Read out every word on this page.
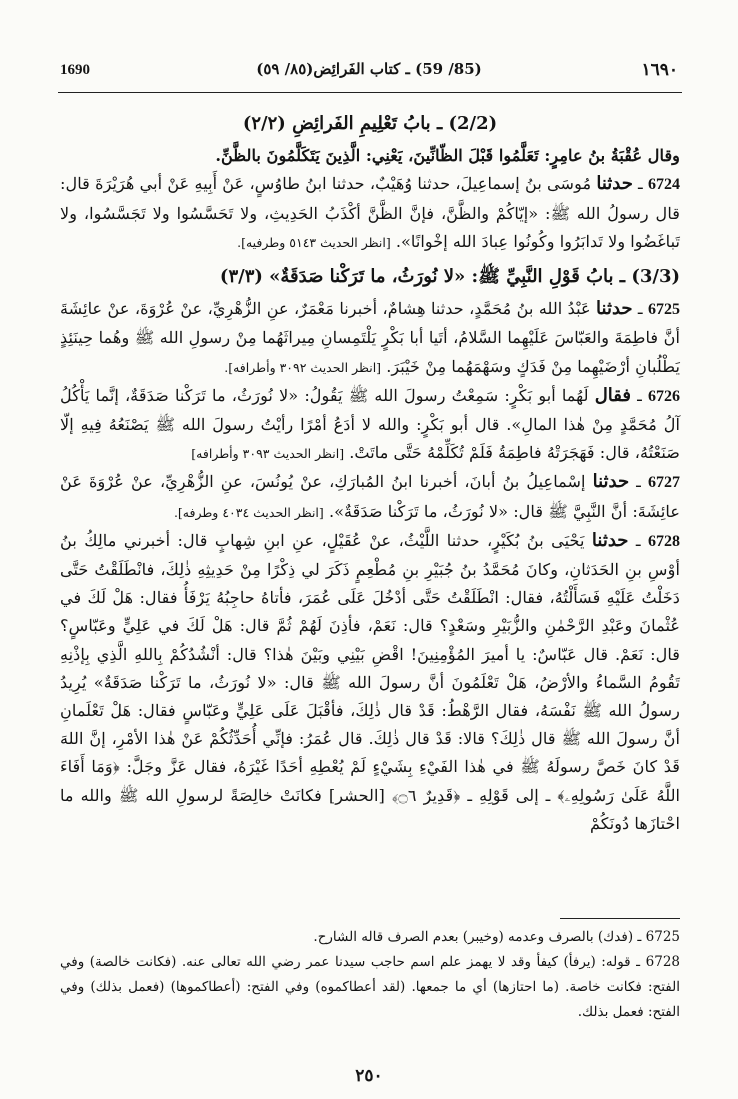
1690	(85/ 59) ـ كتاب الفَرائِض(٨٥/ ٥٩)	١٦٩٠
(2/2) ـ بابُ تَعْلِيمِ الفَرائِضِ (٢/٢)

وقال عُقْبَةُ بنُ عامِرٍ: تَعَلَّمُوا قَبْلَ الظّانِّينَ، يَعْنِي: الَّذِينَ يَتَكَلَّمُونَ بالظَّنِّ.

6724 ـ حدثنا مُوسَى بنُ إسماعِيلَ، حدثنا وُهَيْبٌ، حدثنا ابنُ طاوُسٍ، عَنْ أَبِيهِ عَنْ أبي هُرَيْرَةَ قال: قال رسولُ الله ﷺ: «إيّاكُمْ والظَّنَّ، فإنَّ الظَّنَّ أكْذَبُ الحَدِيثِ، ولا تَحَسَّسُوا ولا تَجَسَّسُوا، ولا تَباغَضُوا ولا تَدابَرُوا وكُونُوا عِبادَ الله إخْوانًا». [انظر الحديث ٥١٤٣ وطرفيه].

(3/3) ـ بابُ قَوْلِ النَّبِيِّ ﷺ: «لا نُورَثُ، ما تَرَكْنا صَدَقَةٌ» (٣/٣)

6725 ـ حدثنا عَبْدُ الله بنُ مُحَمَّدٍ، حدثنا هِشامٌ، أخبرنا مَعْمَرٌ، عنِ الزُّهْرِيِّ، عنْ عُرْوَةَ، عنْ عائِشَةَ أنَّ فاطِمَةَ والعَبّاسَ عَلَيْهِما السَّلامُ، أتَيا أبا بَكْرٍ يَلْتَمِسانِ مِيراثَهُما مِنْ رسولِ الله ﷺ وهُما حِينَئِذٍ يَطْلُبانِ أرْضَيْهِما مِنْ فَدَكٍ وسَهْمَهُما مِنْ خَيْبَرَ. [انظر الحديث ٣٠٩٢ وأطرافه].

6726 ـ فقال لَهُما أبو بَكْرٍ: سَمِعْتُ رسولَ الله ﷺ يَقُولُ: «لا نُورَثُ، ما تَرَكْنا صَدَقَةٌ، إنَّما يَأْكُلُ آلُ مُحَمَّدٍ مِنْ هٰذا المالِ». قال أبو بَكْرٍ: والله لا أدَعُ أمْرًا رأيْتُ رسولَ الله ﷺ يَصْنَعُهُ فِيهِ إلّا صَنَعْتُهُ، قال: فَهَجَرَتْهُ فاطِمَةُ فَلَمْ تُكَلِّمْهُ حَتَّى ماتَتْ. [انظر الحديث ٣٠٩٣ وأطرافه]

6727 ـ حدثنا إسْماعِيلُ بنُ أبانَ، أخبرنا ابنُ المُبارَكِ، عنْ يُونُسَ، عنِ الزُّهْرِيِّ، عنْ عُرْوَةَ عَنْ عائِشَةَ: أنَّ النَّبِيَّ ﷺ قال: «لا نُورَثُ، ما تَرَكْنا صَدَقَةٌ». [انظر الحديث ٤٠٣٤ وطرفه].

6728 ـ حدثنا يَحْيَى بنُ بُكَيْرٍ، حدثنا اللَّيْثُ، عنْ عُقَيْلٍ، عنِ ابنِ شِهابٍ قال: أخبرني مالِكُ بنُ أوْسِ بنِ الحَدَثانِ، وكانَ مُحَمَّدُ بنُ جُبَيْرِ بنِ مُطْعِمٍ ذَكَرَ لي ذِكْرًا مِنْ حَدِيثِهِ ذٰلِكَ، فانْطَلَقْتُ حَتَّى دَخَلْتُ عَلَيْهِ فَسَأَلْتُهُ، فقال: انْطَلَقْتُ حَتَّى أدْخُلَ عَلَى عُمَرَ، فأتاهُ حاجِبُهُ يَرْفَأُ فقال: هَلْ لَكَ في عُثْمانَ وعَبْدِ الرَّحْمٰنِ والزُّبَيْرِ وسَعْدٍ؟ قال: نَعَمْ، فأذِنَ لَهُمْ ثُمَّ قال: هَلْ لَكَ في عَلِيٍّ وعَبّاسٍ؟ قال: نَعَمْ. قال عَبّاسٌ: يا أميرَ المُؤْمِنِينَ! اقْضِ بَيْنِي وبَيْنَ هٰذا؟ قال: أنْشُدُكُمْ بِاللهِ الَّذِي بِإذْنِهِ تَقُومُ السَّماءُ والأرْضُ، هَلْ تَعْلَمُونَ أنَّ رسولَ الله ﷺ قال: «لا نُورَثُ، ما تَرَكْنا صَدَقَةٌ» يُرِيدُ رسولُ الله ﷺ نَفْسَهُ، فقال الرَّهْطُ: قَدْ قال ذٰلِكَ، فأقْبَلَ عَلَى عَلِيٍّ وعَبّاسٍ فقال: هَلْ تَعْلَمانِ أنَّ رسولَ الله ﷺ قال ذٰلِكَ؟ قالا: قَدْ قال ذٰلِكَ. قال عُمَرُ: فإنِّي أُحَدِّثُكُمْ عَنْ هٰذا الأمْرِ، إنَّ اللهَ قَدْ كانَ خَصَّ رسولَهُ ﷺ في هٰذا الفَيْءِ بِشَيْءٍ لَمْ يُعْطِهِ أحَدًا غَيْرَهُ، فقال عَزَّ وجَلَّ: ﴿وَمَا أَفَاءَ اللَّهُ عَلَىٰ رَسُولِهِۦ﴾ ـ إلى قَوْلِهِ ـ ﴿قَدِيرٌ ۝٦﴾ [الحشر] فكانَتْ خالِصَةً لرسولِ الله ﷺ والله ما احْتازَها دُونَكُمْ

6725 ـ (فدك) بالصرف وعدمه (وخيبر) بعدم الصرف قاله الشارح.

6728 ـ قوله: (يرفأ) كيفأ وقد لا يهمز علم اسم حاجب سيدنا عمر رضي الله تعالى عنه. (فكانت خالصة) وفي الفتح: فكانت خاصة. (ما احتازها) أي ما جمعها. (لقد أعطاكموه) وفي الفتح: (أعطاكموها) (فعمل بذلك) وفي الفتح: فعمل بذلك.

٢٥٠
